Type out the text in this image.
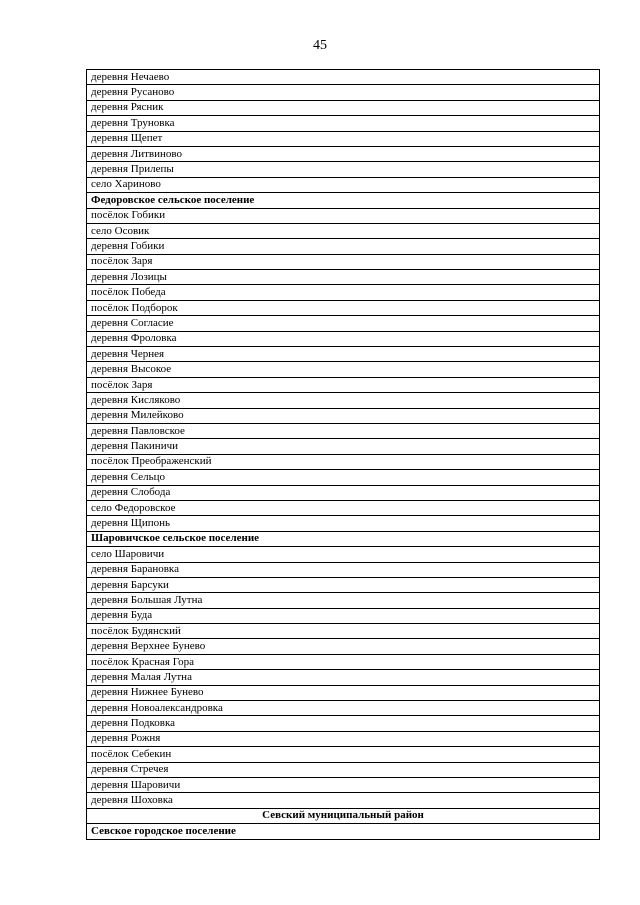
45
деревня Нечаево
деревня Русаново
деревня Рясник
деревня Труновка
деревня Щепет
деревня Литвиново
деревня Прилепы
село Хариново
Федоровское сельское поселение
посёлок Гобики
село Осовик
деревня Гобики
посёлок Заря
деревня Лозицы
посёлок Победа
посёлок Подборок
деревня Согласие
деревня Фроловка
деревня Чернея
деревня Высокое
посёлок Заря
деревня Кисляково
деревня Милейково
деревня Павловское
деревня Пакиничи
посёлок Преображенский
деревня Сельцо
деревня Слобода
село Федоровское
деревня Щипонь
Шаровичское сельское поселение
село Шаровичи
деревня Барановка
деревня Барсуки
деревня Большая Лутна
деревня Буда
посёлок Будянский
деревня Верхнее Бунево
посёлок Красная Гора
деревня Малая Лутна
деревня Нижнее Бунево
деревня Новоалександровка
деревня Подковка
деревня Рожня
посёлок Себекин
деревня Стречея
деревня Шаровичи
деревня Шоховка
Севский муниципальный район
Севское городское поселение
